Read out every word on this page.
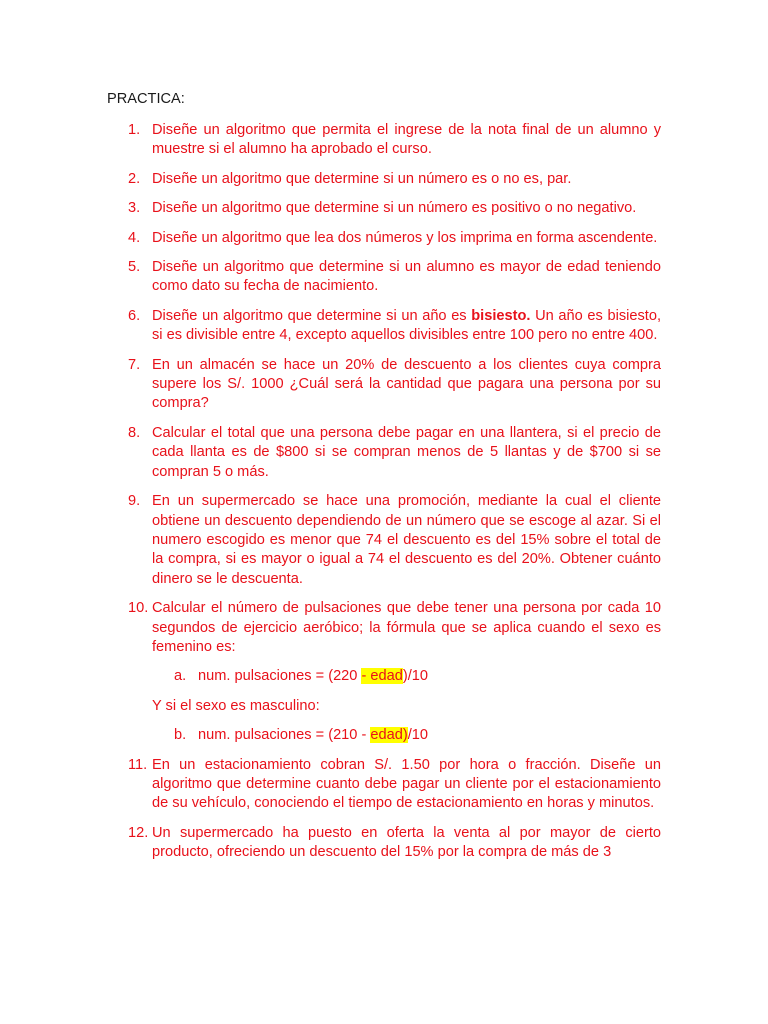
PRACTICA:

1. Diseñe un algoritmo que permita el ingrese de la nota final de un alumno y muestre si el alumno ha aprobado el curso.
2. Diseñe un algoritmo que determine si un número es o no es, par.
3. Diseñe un algoritmo que determine si un número es positivo o no negativo.
4. Diseñe un algoritmo que lea dos números y los imprima en forma ascendente.
5. Diseñe un algoritmo que determine si un alumno es mayor de edad teniendo como dato su fecha de nacimiento.
6. Diseñe un algoritmo que determine si un año es bisiesto. Un año es bisiesto, si es divisible entre 4, excepto aquellos divisibles entre 100 pero no entre 400.
7. En un almacén se hace un 20% de descuento a los clientes cuya compra supere los S/. 1000 ¿Cuál será la cantidad que pagara una persona por su compra?
8. Calcular el total que una persona debe pagar en una llantera, si el precio de cada llanta es de $800 si se compran menos de 5 llantas y de $700 si se compran 5 o más.
9. En un supermercado se hace una promoción, mediante la cual el cliente obtiene un descuento dependiendo de un número que se escoge al azar. Si el numero escogido es menor que 74 el descuento es del 15% sobre el total de la compra, si es mayor o igual a 74 el descuento es del 20%. Obtener cuánto dinero se le descuenta.
10. Calcular el número de pulsaciones que debe tener una persona por cada 10 segundos de ejercicio aeróbico; la fórmula que se aplica cuando el sexo es femenino es:
a. num. pulsaciones = (220 - edad)/10
Y si el sexo es masculino:
b. num. pulsaciones = (210 - edad)/10
11. En un estacionamiento cobran S/. 1.50 por hora o fracción. Diseñe un algoritmo que determine cuanto debe pagar un cliente por el estacionamiento de su vehículo, conociendo el tiempo de estacionamiento en horas y minutos.
12. Un supermercado ha puesto en oferta la venta al por mayor de cierto producto, ofreciendo un descuento del 15% por la compra de más de 3
